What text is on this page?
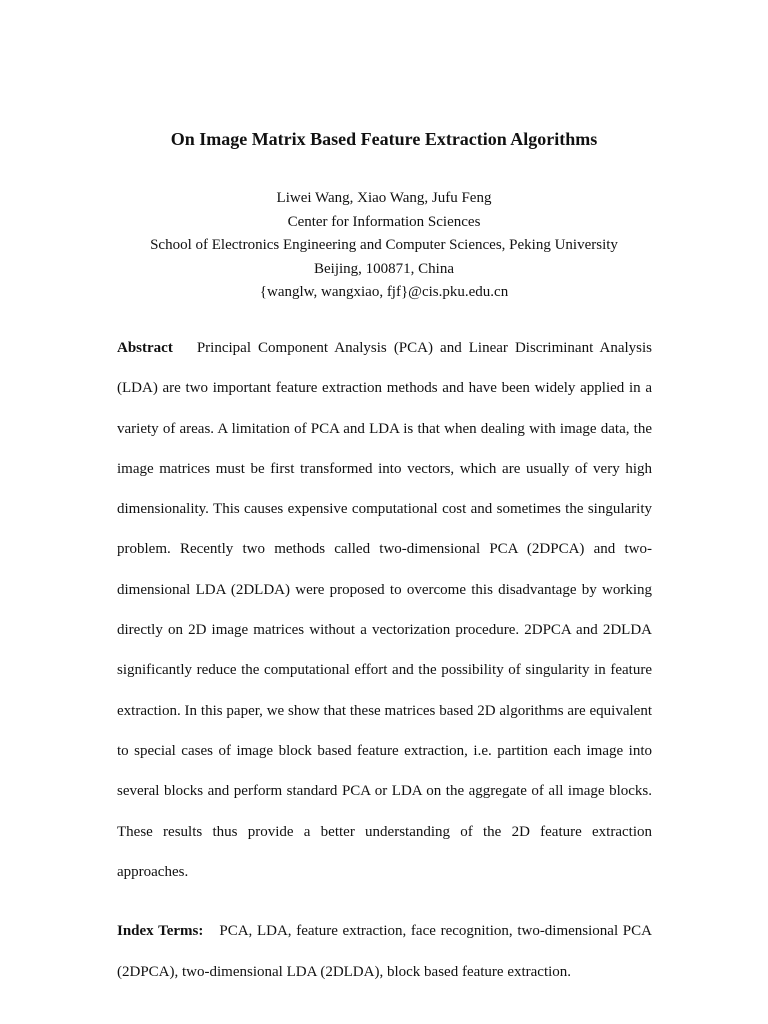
On Image Matrix Based Feature Extraction Algorithms
Liwei Wang, Xiao Wang, Jufu Feng
Center for Information Sciences
School of Electronics Engineering and Computer Sciences, Peking University
Beijing, 100871, China
{wanglw, wangxiao, fjf}@cis.pku.edu.cn

Abstract Principal Component Analysis (PCA) and Linear Discriminant Analysis (LDA) are two important feature extraction methods and have been widely applied in a variety of areas. A limitation of PCA and LDA is that when dealing with image data, the image matrices must be first transformed into vectors, which are usually of very high dimensionality. This causes expensive computational cost and sometimes the singularity problem. Recently two methods called two-dimensional PCA (2DPCA) and two-dimensional LDA (2DLDA) were proposed to overcome this disadvantage by working directly on 2D image matrices without a vectorization procedure. 2DPCA and 2DLDA significantly reduce the computational effort and the possibility of singularity in feature extraction. In this paper, we show that these matrices based 2D algorithms are equivalent to special cases of image block based feature extraction, i.e. partition each image into several blocks and perform standard PCA or LDA on the aggregate of all image blocks. These results thus provide a better understanding of the 2D feature extraction approaches.

Index Terms: PCA, LDA, feature extraction, face recognition, two-dimensional PCA (2DPCA), two-dimensional LDA (2DLDA), block based feature extraction.
